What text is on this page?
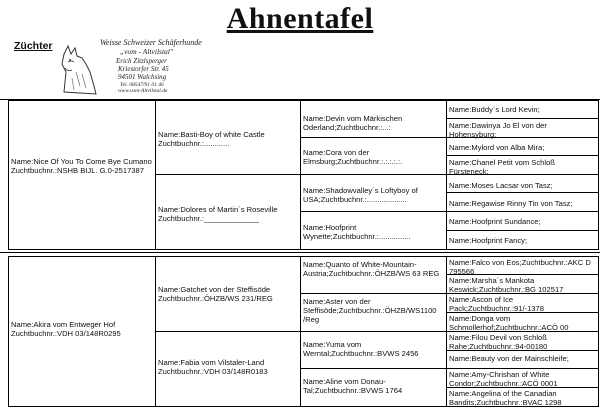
Ahnentafel
Züchter	Weisse Schweizer Schäferhunde
„vom - Altvilstal"
Erich Zitzlsperger
Kriestorfer Str. 45
94501 Walchsing
Tel. 08547/91 01 46
www.vom-Altvilstal.de
Name:Nice Of You To Come Bye Cumano
Zuchtbuchnr.:NSHB BIJL. G.0-2517387
Name:Basti-Boy of white Castle
Zuchtbuchnr.:............
Name:Dolores of Martin´s Roseville
Zuchtbuchnr.:_____________
Name:Devin vom Märkischen Oderland;Zuchtbuchnr.:...:
Name:Cora von der Elmsburg;Zuchtbuchnr.:.:.:.:.:.
Name:Shadowvalley´s Loftyboy of USA;Zuchtbuchnr.:...................
Name:Hoofprint Wynette;Zuchtbuchnr.:...............
Name:Buddy´s Lord Kevin;
Name:Dawinya Jo El von der Hohensyburg;
Name:Mylord von Alba Mira;
Name:Chanel Petit vom Schloß Fürsteneck;
Name:Moses Lacsar von Tasz;
Name:Regawise Rinny Tin von Tasz;
Name:Hoofprint Sundance;
Name:Hoofprint Fancy;
Name:Akira vom Entweger Hof
Zuchtbuchnr.:VDH 03/148R0295
Name:Gatchet von der Steffisöde
Zuchtbuchnr.:ÖHZB/WS 231/REG
Name:Fabia vom Vilstaler-Land
Zuchtbuchnr.:VDH 03/148R0183
Name:Quanto of White-Mountain-Austria;Zuchtbuchnr.:ÖHZB/WS 63 REG
Name:Aster von der Steffisöde;Zuchtbuchnr.:ÖHZB/WS1100 /Reg
Name:Yuma vom Werntal;Zuchtbuchnr.:BVWS 2456
Name:Aline vom Donau-Tal;Zuchtbuchnr.:BVWS 1764
Name:Falco von Eos;Zuchtbuchnr.:AKC D 795566
Name:Marsha´s Mankota Keswick;Zuchtbuchnr.:BG 102517
Name:Ascon of Ice Pack;Zuchtbuchnr.:91/-1378
Name:Donga vom Schmollerhof;Zuchtbuchnr.:ACÖ 00
Name:Filou Devil von Schloß Rahe;Zuchtbuchnr.:94-00180
Name:Beauty von der Mainschleife;
Name:Amy-Chrishan of White Condor;Zuchtbuchnr.:ACÖ 0001
Name:Angelina of the Canadian Bandits;Zuchtbuchnr.:BVAC 1298
